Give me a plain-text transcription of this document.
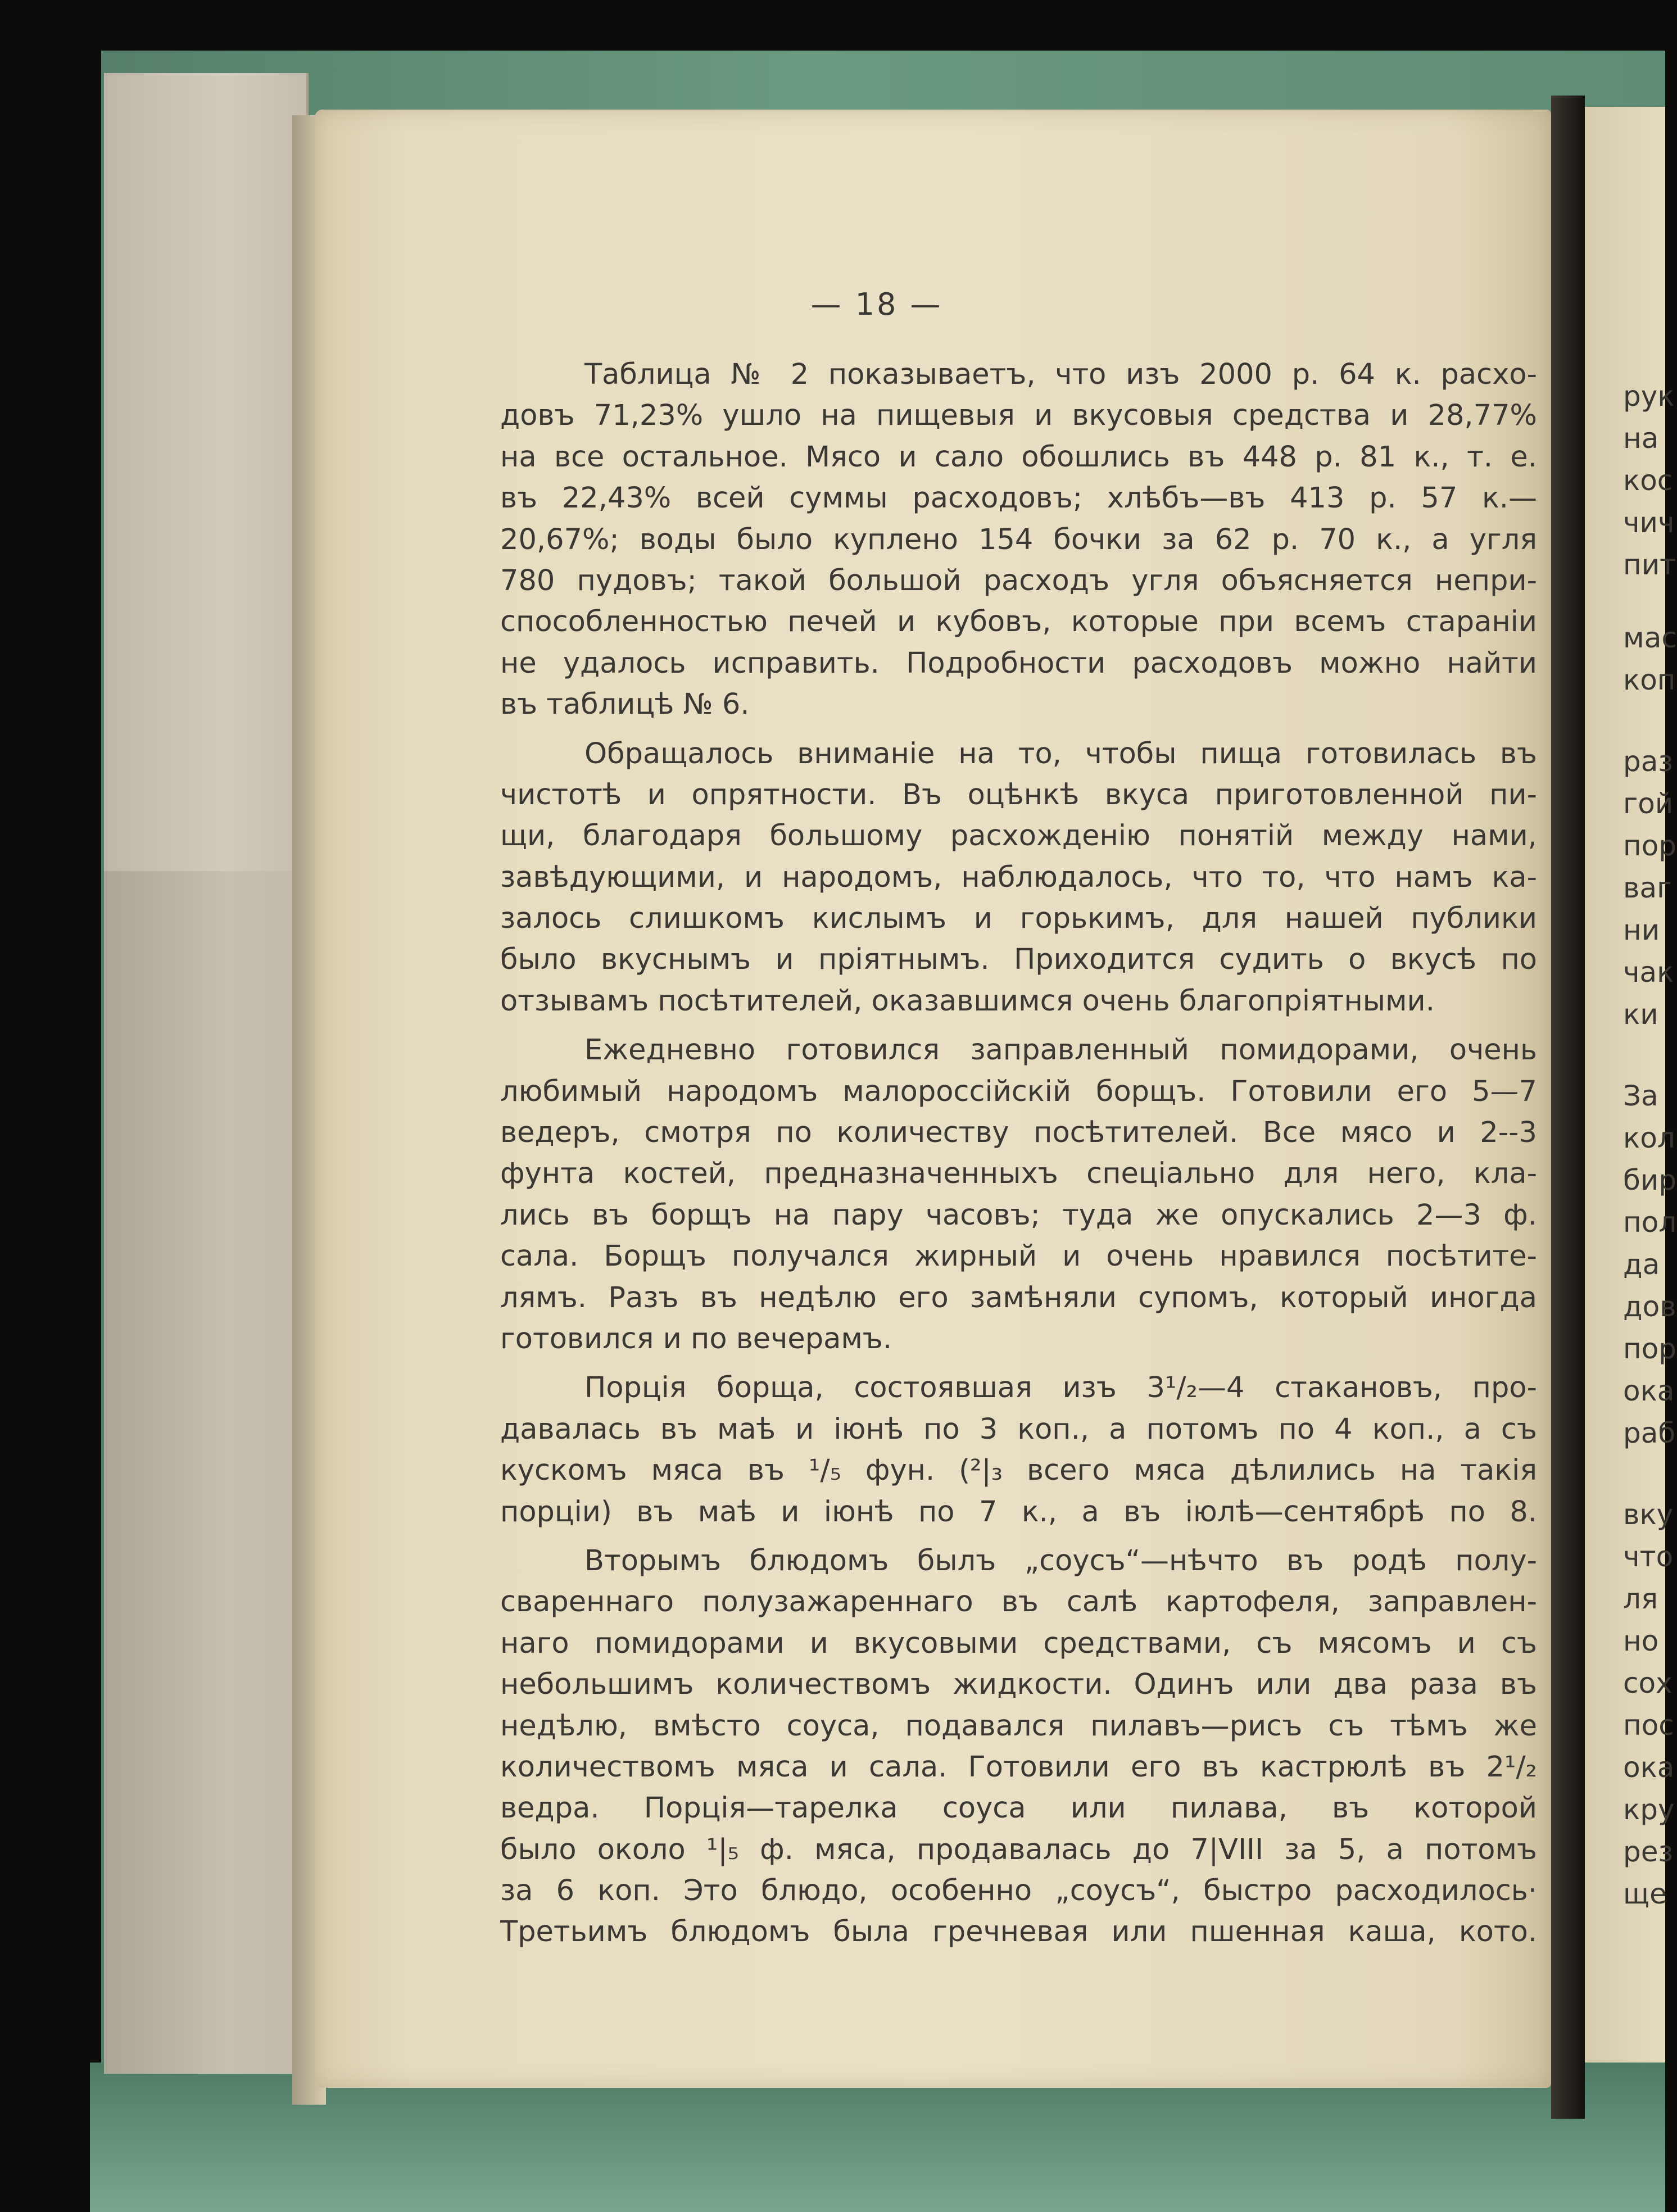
— 18 —
Таблица № 2 показываетъ, что изъ 2000 р. 64 к. расхо-
довъ 71,23% ушло на пищевыя и вкусовыя средства и 28,77%
на все остальное. Мясо и сало обошлись въ 448 р. 81 к., т. е.
въ 22,43% всей суммы расходовъ; хлѣбъ—въ 413 р. 57 к.—
20,67%; воды было куплено 154 бочки за 62 р. 70 к., а угля
780 пудовъ; такой большой расходъ угля объясняется непри-
способленностью печей и кубовъ, которые при всемъ стараніи
не удалось исправить. Подробности расходовъ можно найти
въ таблицѣ № 6.
Обращалось вниманіе на то, чтобы пища готовилась въ
чистотѣ и опрятности. Въ оцѣнкѣ вкуса приготовленной пи-
щи, благодаря большому расхожденію понятій между нами,
завѣдующими, и народомъ, наблюдалось, что то, что намъ ка-
залось слишкомъ кислымъ и горькимъ, для нашей публики
было вкуснымъ и пріятнымъ. Приходится судить о вкусѣ по
отзывамъ посѣтителей, оказавшимся очень благопріятными.
Ежедневно готовился заправленный помидорами, очень
любимый народомъ малороссійскій борщъ. Готовили его 5—7
ведеръ, смотря по количеству посѣтителей. Все мясо и 2--3
фунта костей, предназначенныхъ спеціально для него, кла-
лись въ борщъ на пару часовъ; туда же опускались 2—3 ф.
сала. Борщъ получался жирный и очень нравился посѣтите-
лямъ. Разъ въ недѣлю его замѣняли супомъ, который иногда
готовился и по вечерамъ.
Порція борща, состоявшая изъ 3¹/₂—4 стакановъ, про-
давалась въ маѣ и іюнѣ по 3 коп., а потомъ по 4 коп., а съ
кускомъ мяса въ ¹/₅ фун. (²|₃ всего мяса дѣлились на такія
порціи) въ маѣ и іюнѣ по 7 к., а въ іюлѣ—сентябрѣ по 8.
Вторымъ блюдомъ былъ „соусъ“—нѣчто въ родѣ полу-
свареннаго полузажареннаго въ салѣ картофеля, заправлен-
наго помидорами и вкусовыми средствами, съ мясомъ и съ
небольшимъ количествомъ жидкости. Одинъ или два раза въ
недѣлю, вмѣсто соуса, подавался пилавъ—рисъ съ тѣмъ же
количествомъ мяса и сала. Готовили его въ кастрюлѣ въ 2¹/₂
ведра. Порція—тарелка соуса или пилава, въ которой
было около ¹|₅ ф. мяса, продавалась до 7|VIII за 5, а потомъ
за 6 коп. Это блюдо, особенно „соусъ“, быстро расходилось·
Третьимъ блюдомъ была гречневая или пшенная каша, кото.
рук
на
кос
чич
пит
мас
коп
раз
гой
пор
ваг
ни
чак
ки
За
кол
бир
пол
да
дов
пор
ока
раб
вку
что
ля
но
сох
пос
ока
кру
рез
ще
